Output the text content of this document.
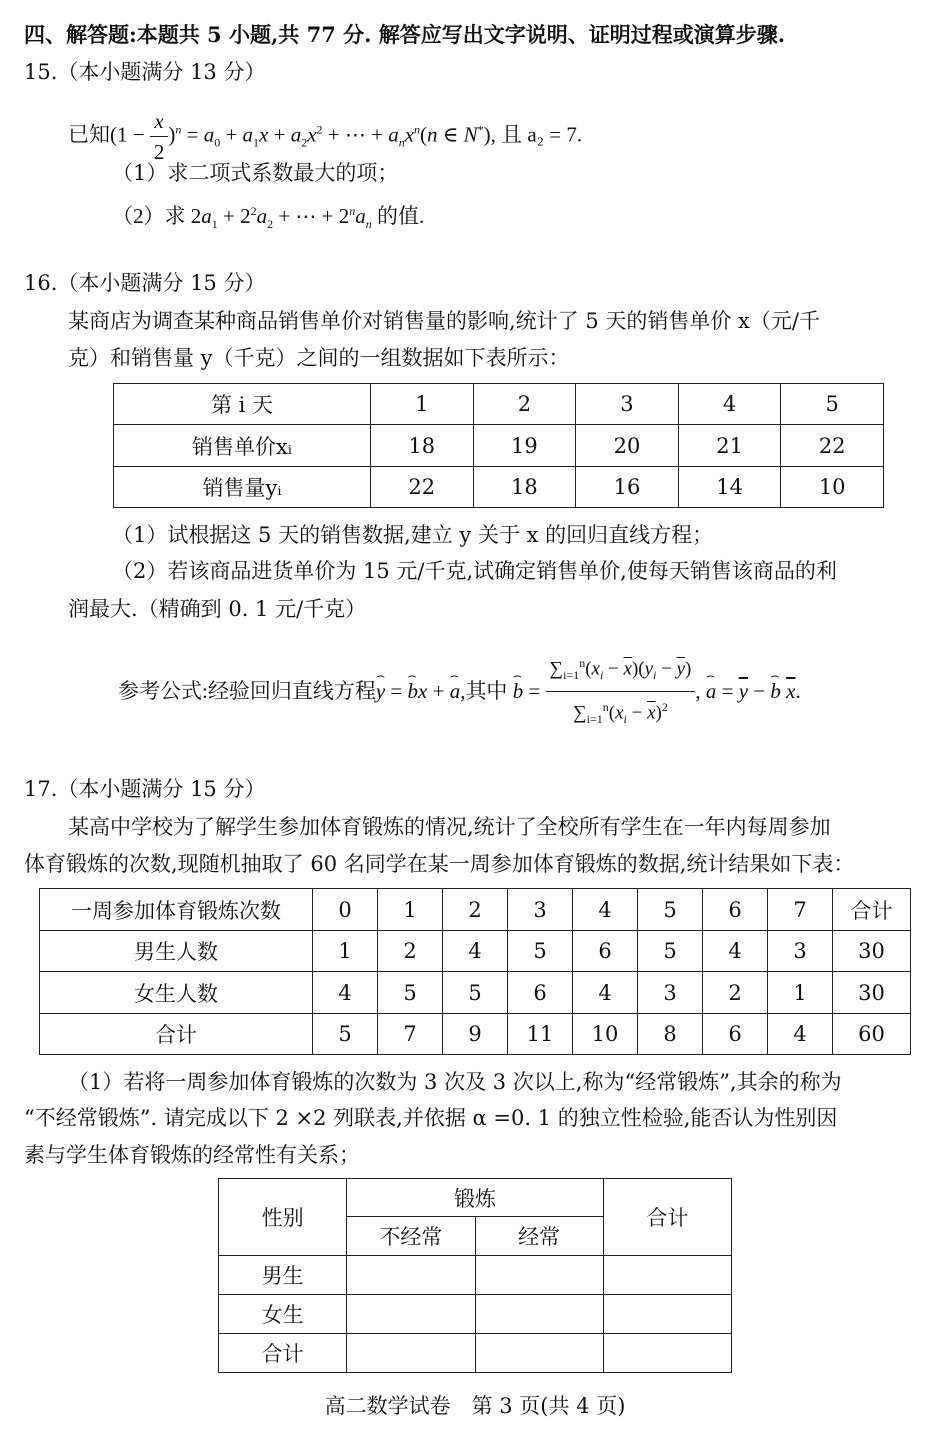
四、解答题:本题共 5 小题,共 77 分. 解答应写出文字说明、证明过程或演算步骤.
15.（本小题满分 13 分）
已知$(1 - \frac{x}{2} )^n = a_0 + a_1x + a_2x^2$ + ⋯ + $a_nx^n(n$ ∈ N*), 且 a₂ = 7.
（1）求二项式系数最大的项；
（2）求 $2a_1 + 2^2a_2$ + ⋯ + $2^na_n$ 的值.
16.（本小题满分 15 分）
某商店为调查某种商品销售单价对销售量的影响,统计了 5 天的销售单价 x（元/千
克）和销售量 y（千克）之间的一组数据如下表所示：
第 i 天	1	2	3	4	5
销售单价xᵢ	18	19	20	21	22
销售量yᵢ	22	18	16	14	10
（1）试根据这 5 天的销售数据,建立 y 关于 x 的回归直线方程；
（2）若该商品进货单价为 15 元/千克,试确定销售单价,使每天销售该商品的利
润最大.（精确到 0. 1 元/千克）
参考公式:经验回归直线方程 ⌢ y = ⌢ b x + ⌢ a ,其中
⌢ $b = \frac{\sum_{i=1}^n(x_i - \overline{x})(y_i - \overline{y})}{\sum_{i=1}^n(x_i - \overline{x})^2}$ , ⌢ $a = \overline{y}$ − ⌢ b
$\overline{x}$ .
17.（本小题满分 15 分）
某高中学校为了解学生参加体育锻炼的情况,统计了全校所有学生在一年内每周参加
体育锻炼的次数,现随机抽取了 60 名同学在某一周参加体育锻炼的数据,统计结果如下表：
一周参加体育锻炼次数	0	1	2	3	4	5	6	7	合计
男生人数	1	2	4	5	6	5	4	3	30
女生人数	4	5	5	6	4	3	2	1	30
合计	5	7	9	11	10	8	6	4	60
（1）若将一周参加体育锻炼的次数为 3 次及 3 次以上,称为“经常锻炼”,其余的称为
“不经常锻炼”. 请完成以下 2 ×2 列联表,并依据 α =0. 1 的独立性检验,能否认为性别因
素与学生体育锻炼的经常性有关系；
性别	锻炼		合计
	不经常	经常	
男生			
女生			
合计			
高二数学试卷　第 3 页(共 4 页)
